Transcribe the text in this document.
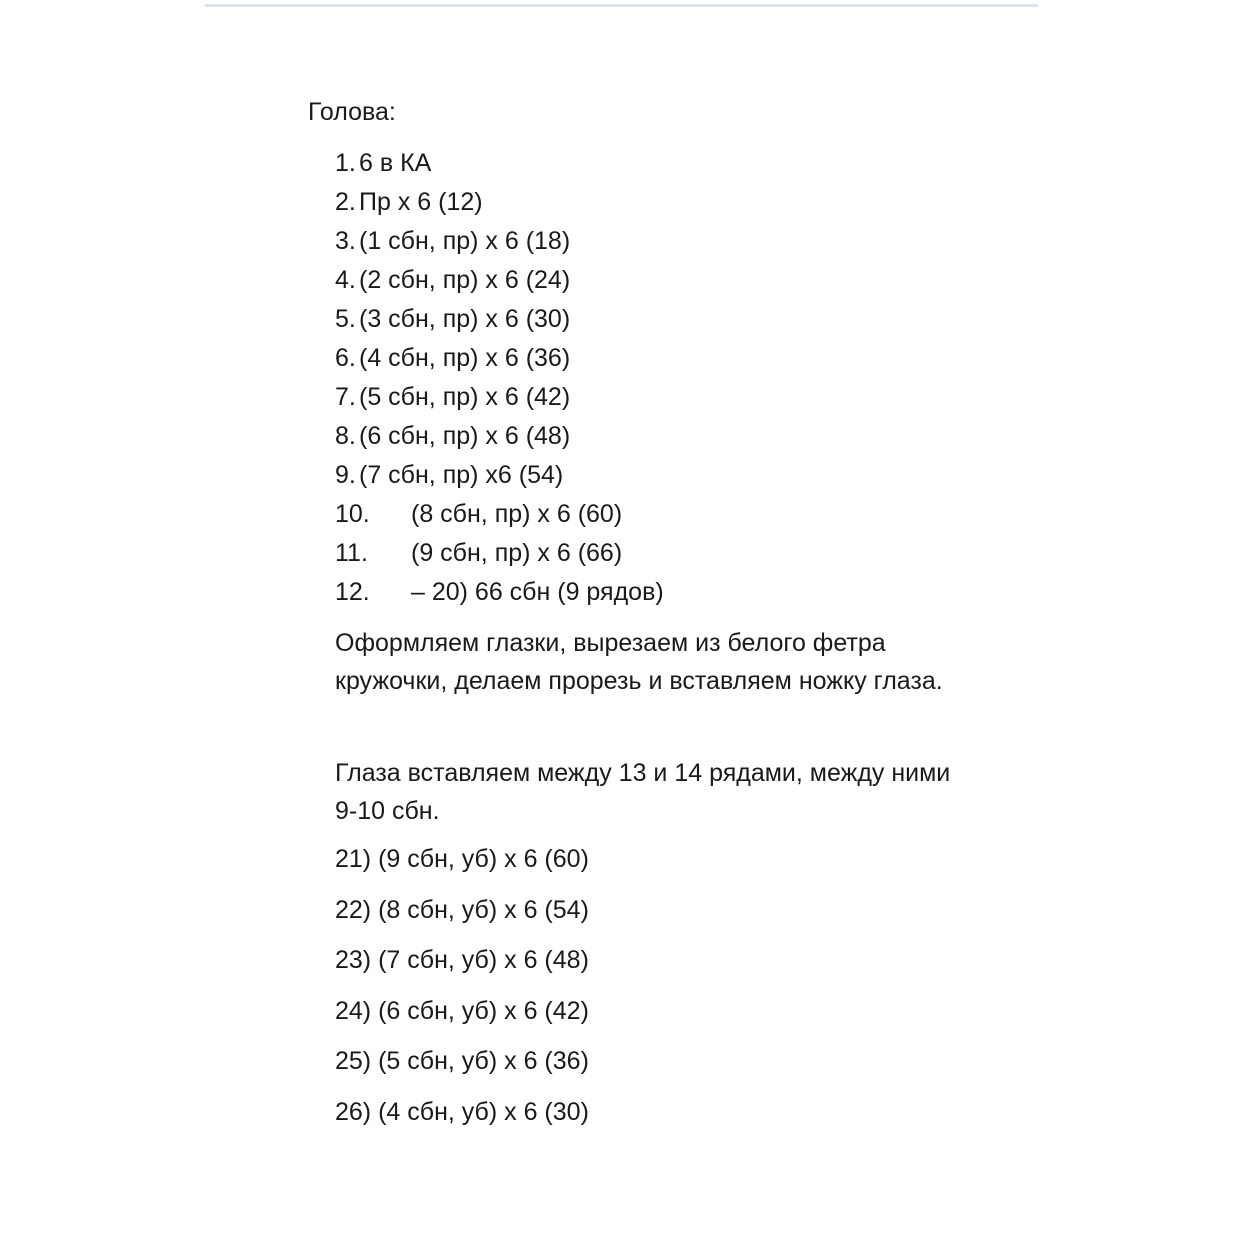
Голова:
1. 6 в КА
2. Пр х 6 (12)
3. (1 сбн, пр) х 6 (18)
4. (2 сбн, пр) х 6 (24)
5. (3 сбн, пр) х 6 (30)
6. (4 сбн, пр) х 6 (36)
7. (5 сбн, пр) х 6 (42)
8. (6 сбн, пр) х 6 (48)
9. (7 сбн, пр) х6 (54)
10. (8 сбн, пр) х 6 (60)
11. (9 сбн, пр) х 6 (66)
12. – 20) 66 сбн (9 рядов)

Оформляем глазки, вырезаем из белого фетра кружочки, делаем прорезь и вставляем ножку глаза.

Глаза вставляем между 13 и 14 рядами, между ними 9-10 сбн.

21) (9 сбн, уб) х 6 (60)
22) (8 сбн, уб) х 6 (54)
23) (7 сбн, уб) х 6 (48)
24) (6 сбн, уб) х 6 (42)
25) (5 сбн, уб) х 6 (36)
26) (4 сбн, уб) х 6 (30)
